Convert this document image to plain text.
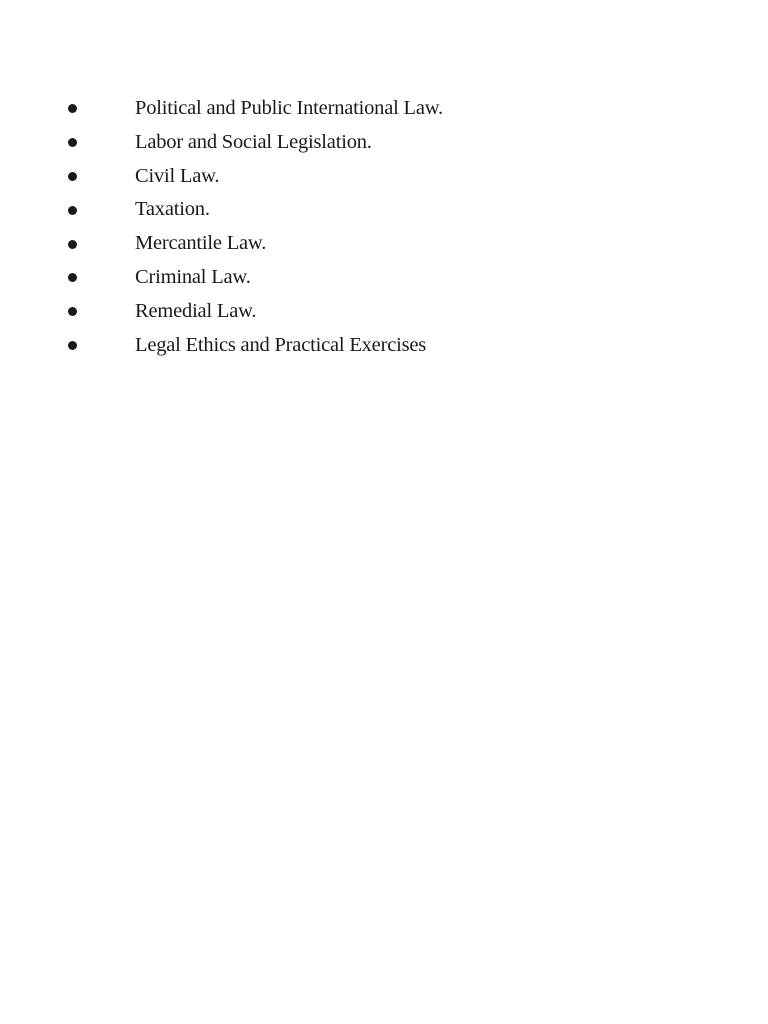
Political and Public International Law.
Labor and Social Legislation.
Civil Law.
Taxation.
Mercantile Law.
Criminal Law.
Remedial Law.
Legal Ethics and Practical Exercises
